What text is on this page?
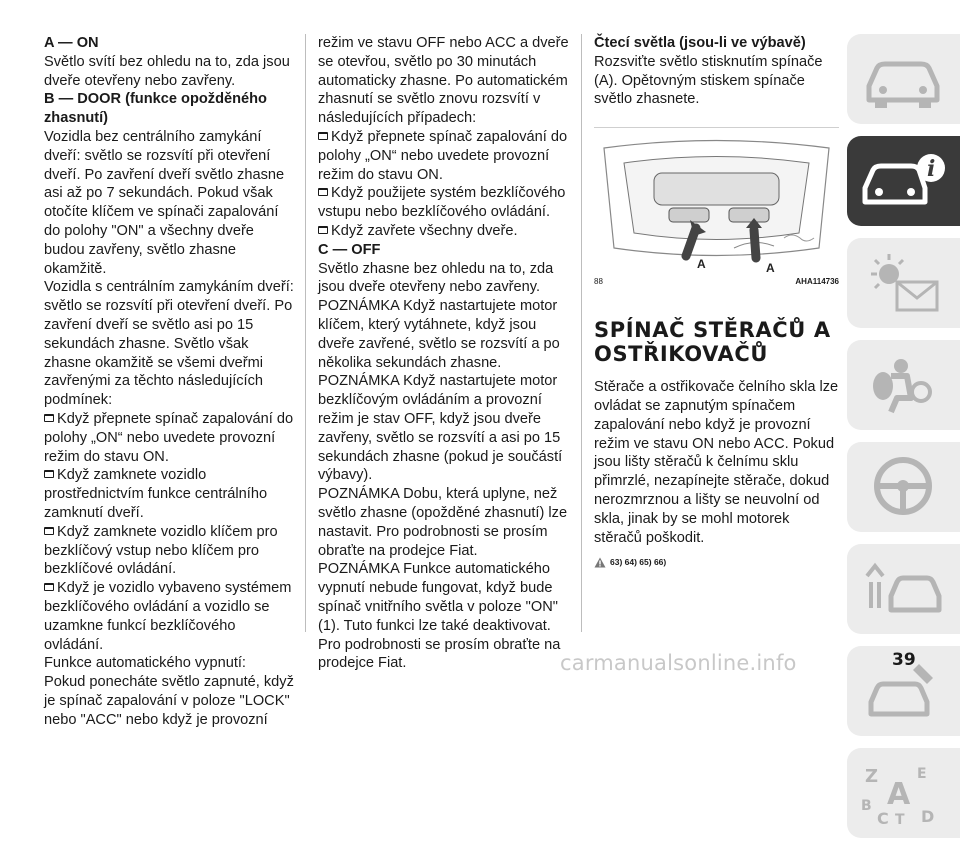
A — ON

Světlo svítí bez ohledu na to, zda jsou dveře otevřeny nebo zavřeny.

B — DOOR (funkce opožděného zhasnutí)

Vozidla bez centrálního zamykání dveří: světlo se rozsvítí při otevření dveří. Po zavření dveří světlo zhasne asi až po 7 sekundách. Pokud však otočíte klíčem ve spínači zapalování do polohy "ON" a všechny dveře budou zavřeny, světlo zhasne okamžitě.

Vozidla s centrálním zamykáním dveří: světlo se rozsvítí při otevření dveří. Po zavření dveří se světlo asi po 15 sekundách zhasne. Světlo však zhasne okamžitě se všemi dveřmi zavřenými za těchto následujících podmínek:

Když přepnete spínač zapalování do polohy „ON“ nebo uvedete provozní režim do stavu ON.

Když zamknete vozidlo prostřednictvím funkce centrálního zamknutí dveří.

Když zamknete vozidlo klíčem pro bezklíčový vstup nebo klíčem pro bezklíčové ovládání.

Když je vozidlo vybaveno systémem bezklíčového ovládání a vozidlo se uzamkne funkcí bezklíčového ovládání.

Funkce automatického vypnutí:

Pokud ponecháte světlo zapnuté, když je spínač zapalování v poloze "LOCK" nebo "ACC" nebo když je provozní

režim ve stavu OFF nebo ACC a dveře se otevřou, světlo po 30 minutách automaticky zhasne. Po automatickém zhasnutí se světlo znovu rozsvítí v následujících případech:

Když přepnete spínač zapalování do polohy „ON“ nebo uvedete provozní režim do stavu ON.

Když použijete systém bezklíčového vstupu nebo bezklíčového ovládání.

Když zavřete všechny dveře.

C — OFF

Světlo zhasne bez ohledu na to, zda jsou dveře otevřeny nebo zavřeny.

POZNÁMKA Když nastartujete motor klíčem, který vytáhnete, když jsou dveře zavřené, světlo se rozsvítí a po několika sekundách zhasne.

POZNÁMKA Když nastartujete motor bezklíčovým ovládáním a provozní režim je stav OFF, když jsou dveře zavřeny, světlo se rozsvítí a asi po 15 sekundách zhasne (pokud je součástí výbavy).

POZNÁMKA Dobu, která uplyne, než světlo zhasne (opožděné zhasnutí) lze nastavit. Pro podrobnosti se prosím obraťte na prodejce Fiat.

POZNÁMKA Funkce automatického vypnutí nebude fungovat, když bude spínač vnitřního světla v poloze "ON" (1). Tuto funkci lze také deaktivovat. Pro podrobnosti se prosím obraťte na prodejce Fiat.

Čtecí světla (jsou-li ve výbavě)

Rozsviťte světlo stisknutím spínače (A). Opětovným stiskem spínače světlo zhasnete.

A	A
88	AHA114736
SPÍNAČ STĚRAČŮ A OSTŘIKOVAČŮ

Stěrače a ostřikovače čelního skla lze ovládat se zapnutým spínačem zapalování nebo když je provozní režim ve stavu ON nebo ACC. Pokud jsou lišty stěračů k čelnímu sklu přimrzlé, nezapínejte stěrače, dokud nerozmrznou a lišty se neuvolní od skla, jinak by se mohl motorek stěračů poškodit.

63) 64) 65) 66)
i
Z	E
A
B
C T D
carmanualsonline.info	39
